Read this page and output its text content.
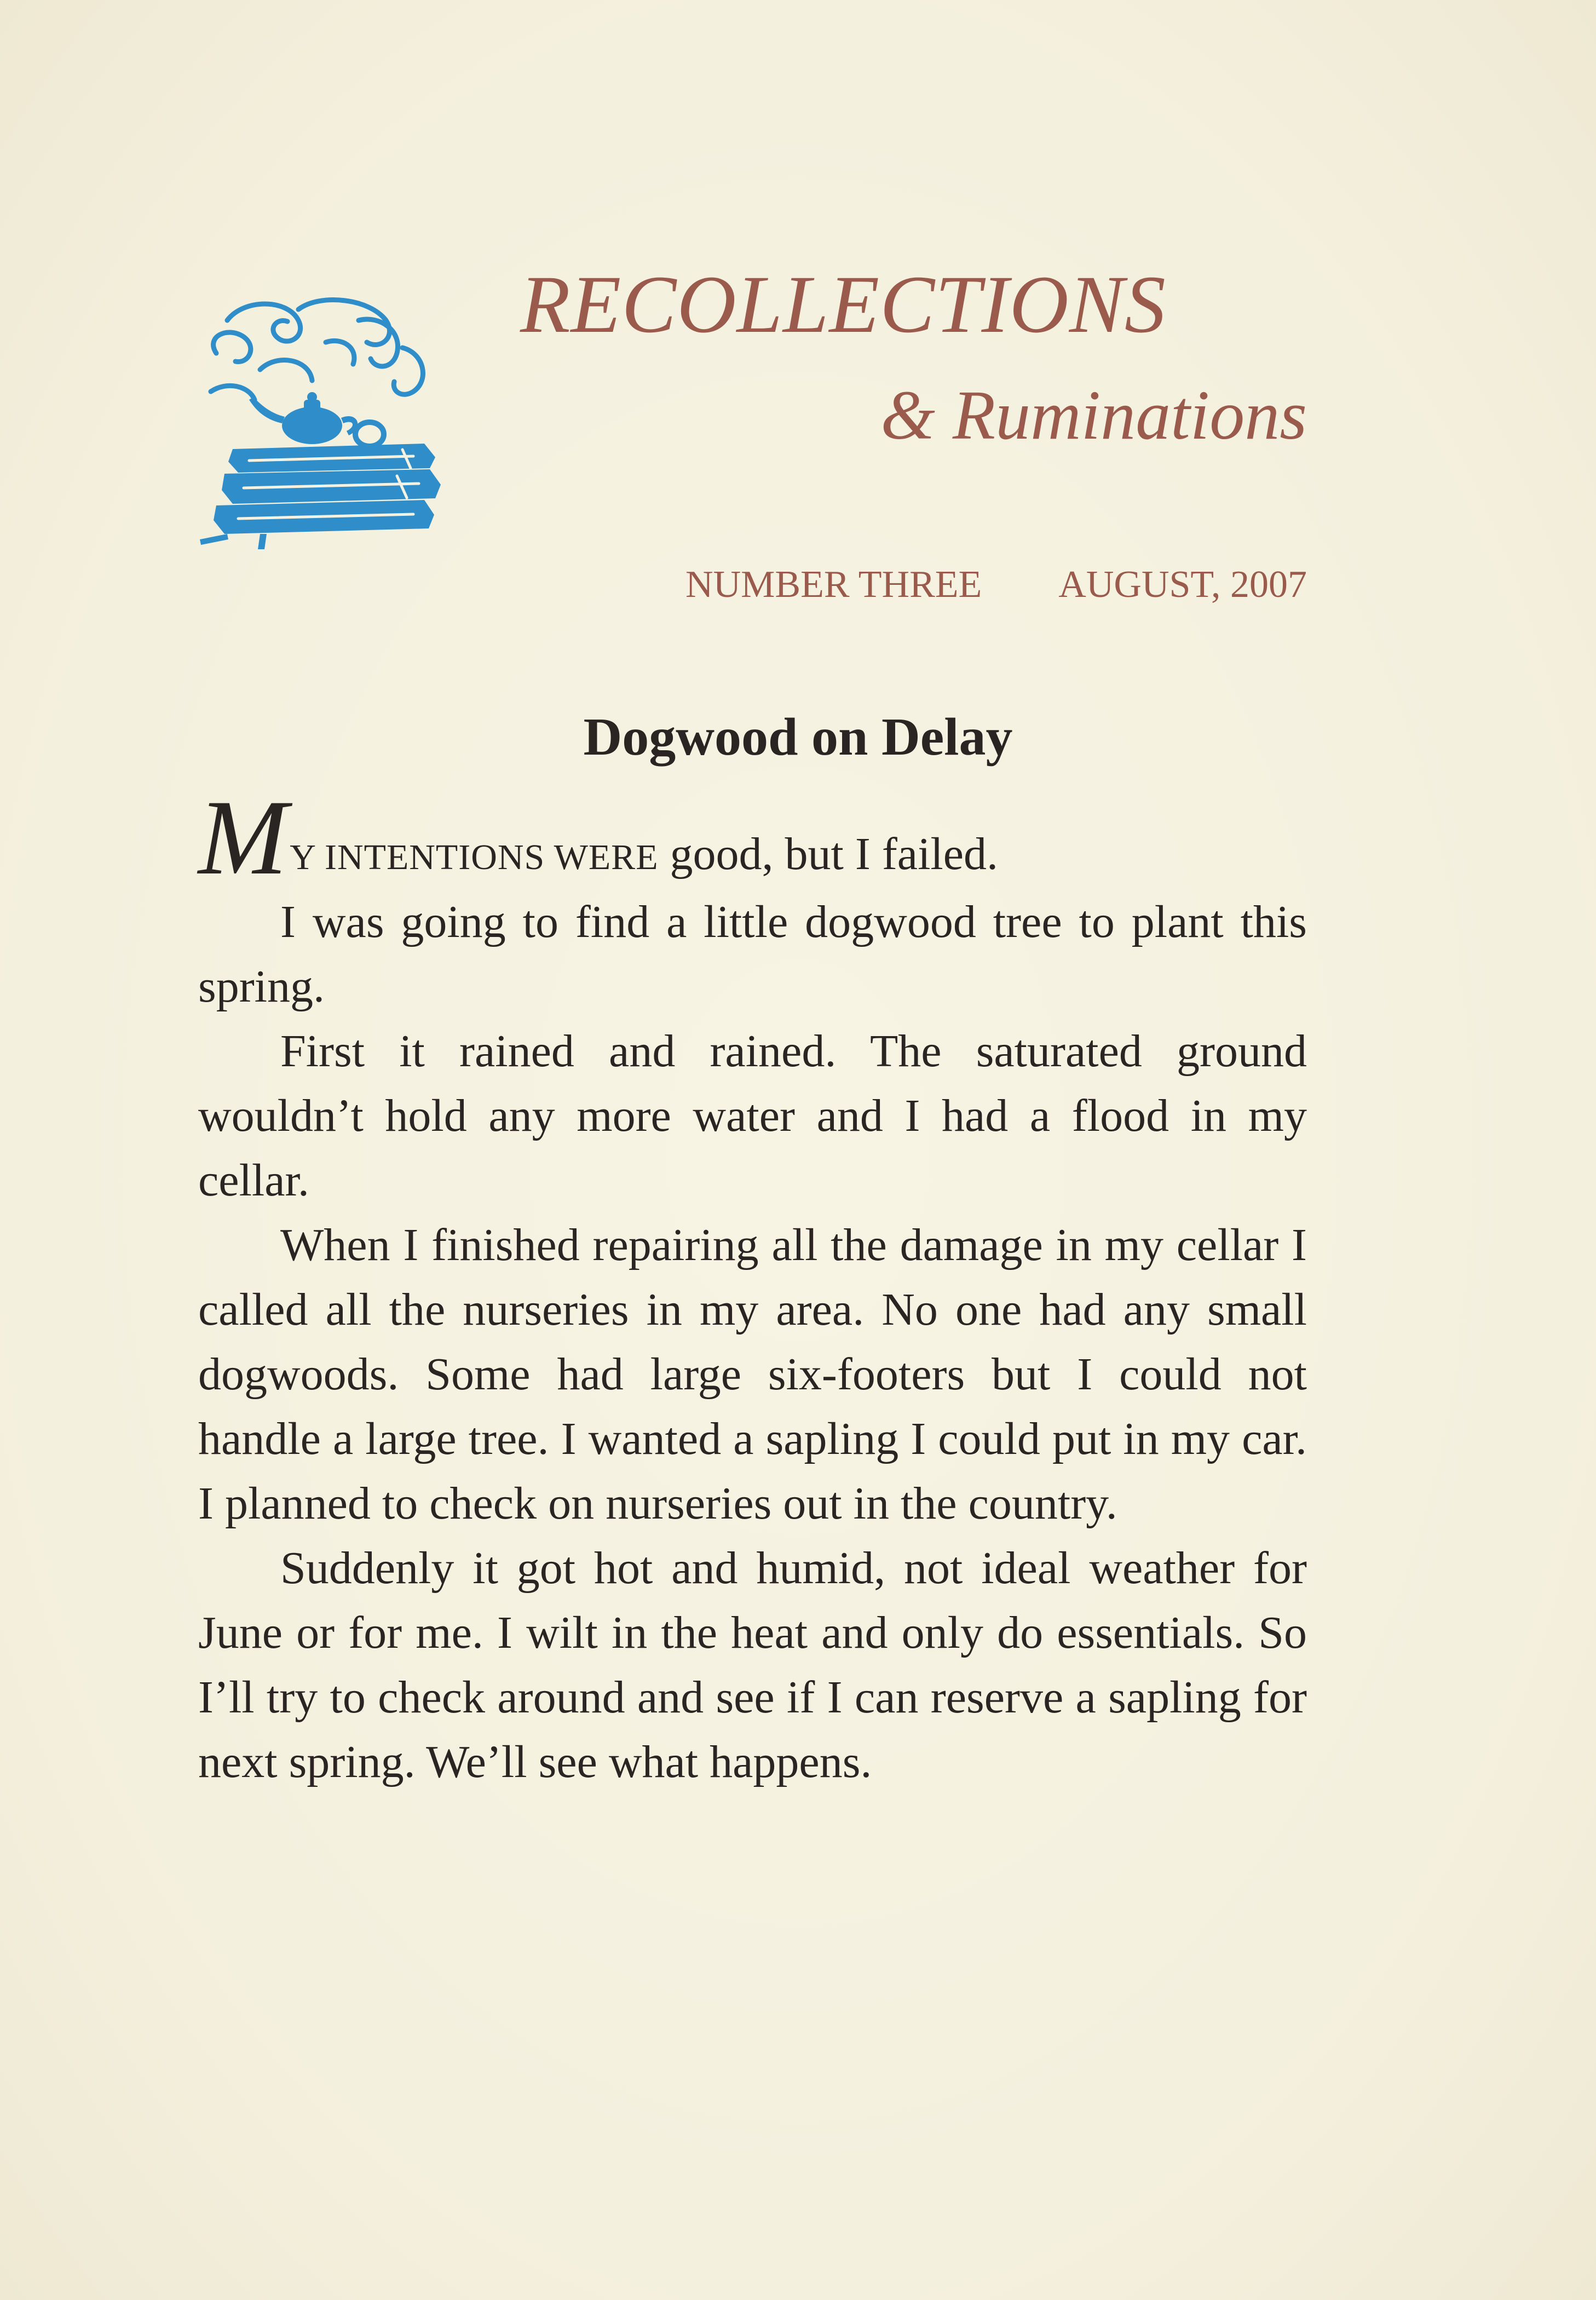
RECOLLECTIONS
& Ruminations
NUMBER THREE AUGUST, 2007
Dogwood on Delay

MY INTENTIONS WERE good, but I failed.

I was going to find a little dogwood tree to plant this spring.

First it rained and rained. The saturated ground wouldn’t hold any more water and I had a flood in my cellar.

When I finished repairing all the damage in my cellar I called all the nurseries in my area. No one had any small dogwoods. Some had large six-footers but I could not handle a large tree. I wanted a sapling I could put in my car. I planned to check on nurseries out in the country.

Suddenly it got hot and humid, not ideal weather for June or for me. I wilt in the heat and only do essentials. So I’ll try to check around and see if I can reserve a sapling for next spring. We’ll see what happens.
